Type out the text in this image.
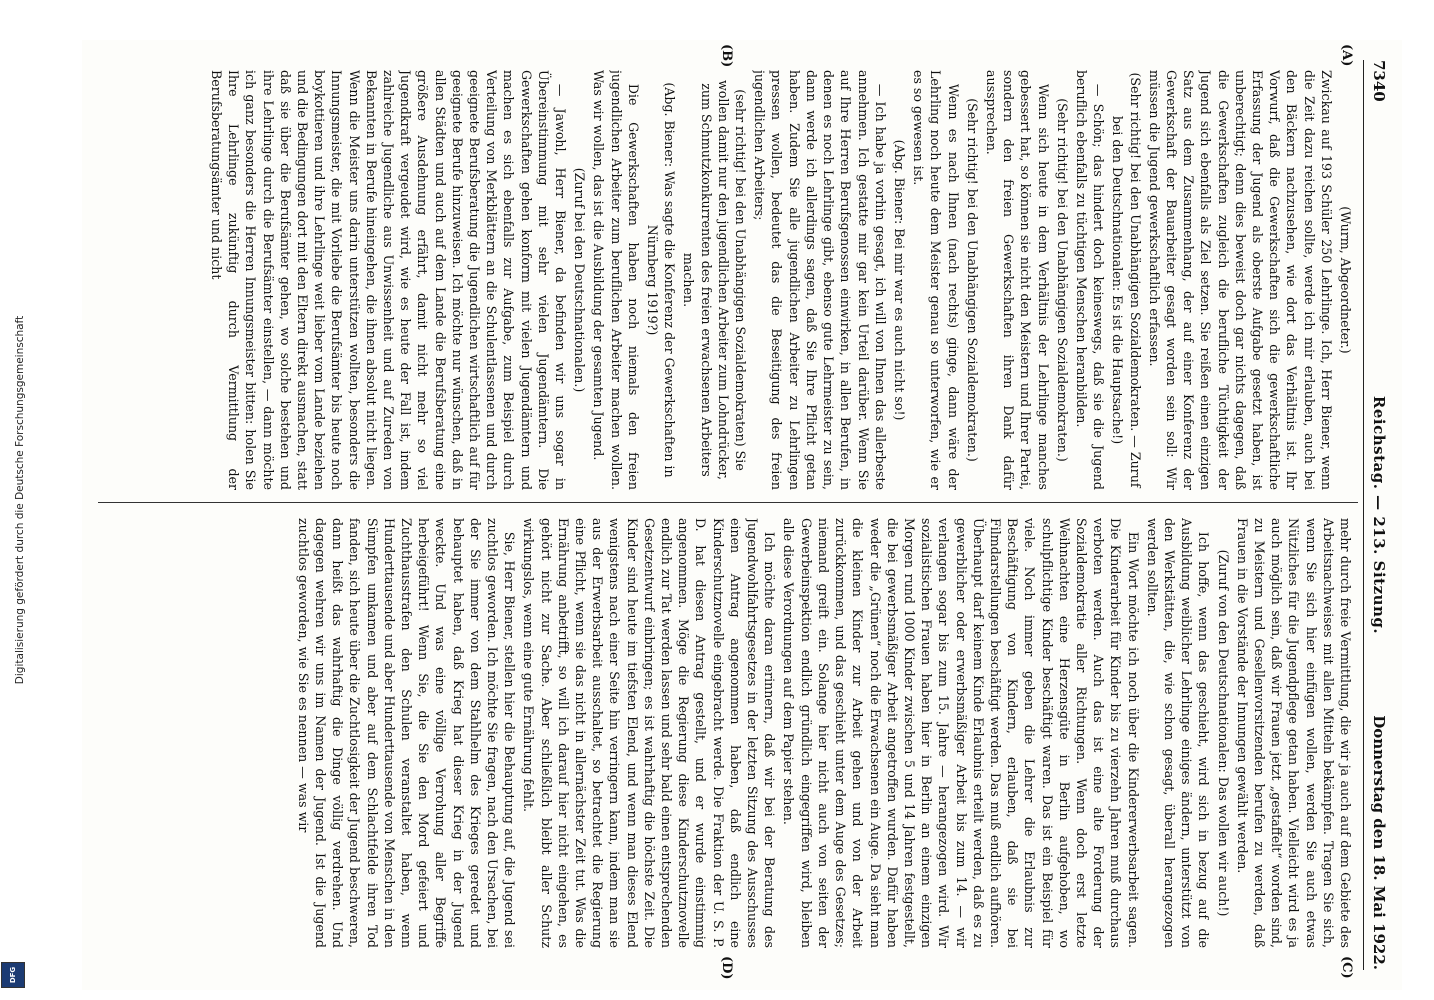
Digitalisierung gefördert durch die Deutsche Forschungsgemeinschaft
DFG
7340
Reichstag. — 213. Sitzung.
Donnerstag den 18. Mai 1922.
(A)
(B)
(C)
(D)

(Wurm, Abgeordneter.)

Zwickau auf 193 Schüler 250 Lehrlinge. Ich, Herr Biener, wenn die Zeit dazu reichen sollte, werde ich mir erlauben, auch bei den Bäckern nachzusehen, wie dort das Verhältnis ist. Ihr Vorwurf, daß die Gewerkschaften sich die gewerkschaftliche Erfassung der Jugend als oberste Aufgabe gesetzt haben, ist unberechtigt; denn dies beweist doch gar nichts dagegen, daß die Gewerkschaften zugleich die berufliche Tüchtigkeit der Jugend sich ebenfalls als Ziel setzen. Sie reißen einen einzigen Satz aus dem Zusammenhang, der auf einer Konferenz der Gewerkschaft der Bauarbeiter gesagt worden sein soll: Wir müssen die Jugend gewerkschaftlich erfassen.

(Sehr richtig! bei den Unabhängigen Sozialdemokraten. — Zuruf bei den Deutschnationalen: Es ist die Hauptsache!)

— Schön; das hindert doch keineswegs, daß sie die Jugend beruflich ebenfalls zu tüchtigen Menschen heranbilden.

(Sehr richtig! bei den Unabhängigen Sozialdemokraten.)

Wenn sich heute in dem Verhältnis der Lehrlinge manches gebessert hat, so können sie nicht den Meistern und Ihrer Partei, sondern den freien Gewerkschaften ihren Dank dafür aussprechen.

(Sehr richtig! bei den Unabhängigen Sozialdemokraten.)

Wenn es nach Ihnen (nach rechts) ginge, dann wäre der Lehrling noch heute dem Meister genau so unterworfen, wie er es so gewesen ist.

(Abg. Biener: Bei mir war es auch nicht so!)

— Ich habe ja vorhin gesagt, ich will von Ihnen das allerbeste annehmen. Ich gestatte mir gar kein Urteil darüber. Wenn Sie auf Ihre Herren Berufsgenossen einwirken, in allen Berufen, in denen es noch Lehrlinge gibt, ebenso gute Lehrmeister zu sein, dann werde ich allerdings sagen, daß Sie Ihre Pflicht getan haben. Zudem Sie alle jugendlichen Arbeiter zu Lehrlingen pressen wollen, bedeutet das die Beseitigung des freien jugendlichen Arbeiters;

(sehr richtig! bei den Unabhängigen Sozialdemokraten) Sie wollen damit nur den jugendlichen Arbeiter zum Lohndrücker, zum Schmutzkonkurrenten des freien erwachsenen Arbeiters machen.

(Abg. Biener: Was sagte die Konferenz der Gewerkschaften in Nürnberg 1919?)

Die Gewerkschaften haben noch niemals den freien jugendlichen Arbeiter zum beruflichen Arbeiter machen wollen. Was wir wollen, das ist die Ausbildung der gesamten Jugend.

(Zuruf bei den Deutschnationalen.)

— Jawohl, Herr Biener, da befinden wir uns sogar in Übereinstimmung mit sehr vielen Jugendämtern. Die Gewerkschaften gehen konform mit vielen Jugendämtern und machen es sich ebenfalls zur Aufgabe, zum Beispiel durch Verteilung von Merkblättern an die Schulentlassenen und durch geeignete Berufsberatung die Jugendlichen wirtschaftlich auf für geeignete Berufe hinzuweisen. Ich möchte nur wünschen, daß in allen Städten und auch auf dem Lande die Berufsberatung eine größere Ausdehnung erfährt, damit nicht mehr so viel Jugendkraft vergeudet wird, wie es heute der Fall ist, indem zahlreiche Jugendliche aus Unwissenheit und auf Zureden von Bekannten in Berufe hineingehen, die ihnen absolut nicht liegen. Wenn die Meister uns darin unterstützen wollten, besonders die Innungsmeister, die mit Vorliebe die Berufsämter bis heute noch boykottieren und ihre Lehrlinge weit lieber vom Lande beziehen und die Bedingungen dort mit den Eltern direkt ausmachen, statt daß sie über die Berufsämter gehen, wo solche bestehen und ihre Lehrlinge durch die Berufsämter einstellen, — dann möchte ich ganz besonders die Herren Innungsmeister bitten: holen Sie Ihre Lehrlinge zukünftig durch Vermittlung der Berufsberatungsämter und nicht

mehr durch freie Vermittlung, die wir ja auch auf dem Gebiete des Arbeitsnachweises mit allen Mitteln bekämpfen. Tragen Sie sich, wenn Sie sich hier einfügen wollen, werden Sie auch etwas Nützliches für die Jugendpflege getan haben. Vielleicht wird es ja auch möglich sein, daß wir Frauen jetzt „gestaffelt“ worden sind, zu Meistern und Gesellenvorsitzenden berufen zu werden, daß Frauen in die Vorstände der Innungen gewählt werden.

(Zuruf von den Deutschnationalen: Das wollen wir auch!)

Ich hoffe, wenn das geschieht, wird sich in bezug auf die Ausbildung weiblicher Lehrlinge einiges ändern, unterstützt von den Werkstätten, die, wie schon gesagt, überall herangezogen werden sollten.

Ein Wort möchte ich noch über die Kindererwerbsarbeit sagen. Die Kinderarbeit für Kinder bis zu vierzehn Jahren muß durchaus verboten werden. Auch das ist eine alte Forderung der Sozialdemokratie aller Richtungen. Wenn doch erst letzte Weihnachten eine Herzensgüte in Berlin aufgehoben, wo schulpflichtige Kinder beschäftigt waren. Das ist ein Beispiel für viele. Noch immer geben die Lehrer die Erlaubnis zur Beschäftigung von Kindern, erlauben, daß sie bei Filmdarstellungen beschäftigt werden. Das muß endlich aufhören. Überhaupt darf keinem Kinde Erlaubnis erteilt werden, daß es zu gewerblicher oder erwerbsmäßiger Arbeit bis zum 14. — wir verlangen sogar bis zum 15. Jahre — herangezogen wird. Wir sozialistischen Frauen haben hier in Berlin an einem einzigen Morgen rund 1000 Kinder zwischen 5 und 14 Jahren festgestellt, die bei gewerbsmäßiger Arbeit angetroffen wurden. Dafür haben weder die „Grünen“ noch die Erwachsenen ein Auge. Da sieht man die kleinen Kinder zur Arbeit gehen und von der Arbeit zurückkommen, und das geschieht unter dem Auge des Gesetzes; niemand greift ein. Solange hier nicht auch von seiten der Gewerbeinspektion endlich gründlich eingegriffen wird, bleiben alle diese Verordnungen auf dem Papier stehen.

Ich möchte daran erinnern, daß wir bei der Beratung des Jugendwohlfahrtsgesetzes in der letzten Sitzung des Ausschusses einen Antrag angenommen haben, daß endlich eine Kinderschutznovelle eingebracht werde. Die Fraktion der U. S. P. D. hat diesen Antrag gestellt, und er wurde einstimmig angenommen. Möge die Regierung diese Kinderschutznovelle endlich zur Tat werden lassen und sehr bald einen entsprechenden Gesetzentwurf einbringen; es ist wahrhaftig die höchste Zeit. Die Kinder sind heute im tiefsten Elend, und wenn man dieses Elend wenigstens nach einer Seite hin verringern kann, indem man sie aus der Erwerbsarbeit ausschaltet, so betrachtet die Regierung eine Pflicht, wenn sie das nicht in allernächster Zeit tut. Was die Ernährung anbetrifft, so will ich darauf hier nicht eingehen, es gehört nicht zur Sache. Aber schließlich bleibt aller Schutz wirkungslos, wenn eine gute Ernährung fehlt.

Sie, Herr Biener, stellen hier die Behauptung auf, die Jugend sei zuchtlos geworden. Ich möchte Sie fragen, nach den Ursachen, bei der Sie immer von dem Stahlhelm des Krieges geredet und behauptet haben, daß Krieg hat dieser Krieg in der Jugend weckte. Und was eine völlige Verrohung aller Begriffe herbeigeführt! Wenn Sie, die Sie den Mord gefeiert und Zuchthausstrafen den Schulen veranstaltet haben, wenn Hunderttausende und aber Hunderttausende von Menschen in den Sümpfen umkamen und aber auf dem Schlachtfelde ihren Tod fanden, sich heute über die Zuchtlosigkeit der Jugend beschweren, dann heißt das wahrhaftig die Dinge völlig verdrehen. Und dagegen wehren wir uns im Namen der Jugend. Ist die Jugend zuchtlos geworden, wie Sie es nennen — was wir
